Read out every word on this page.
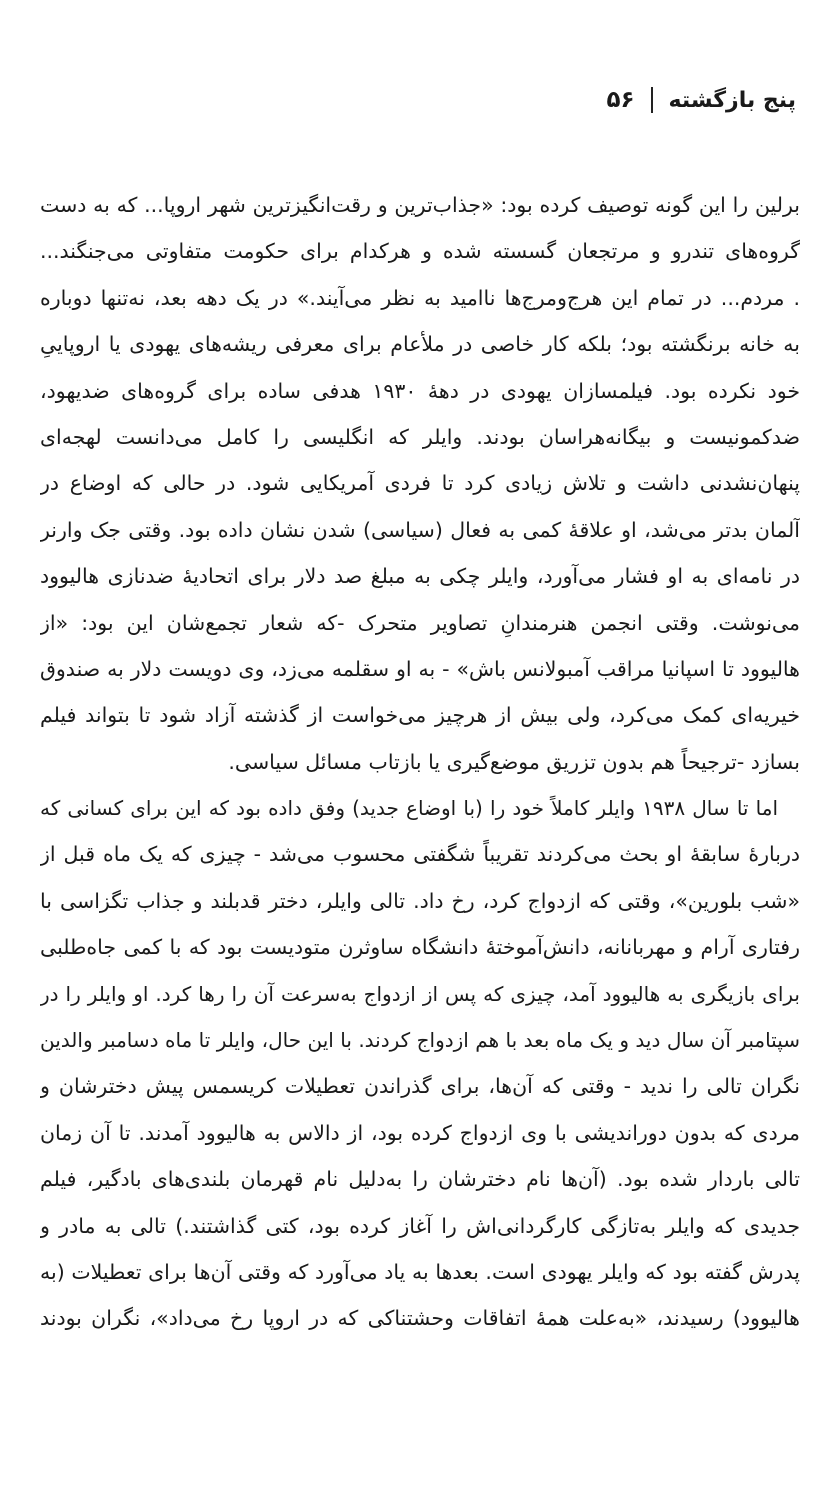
پنج بازگشته
۵۶
برلین را این گونه توصیف کرده بود: «جذاب‌ترین و رقت‌انگیزترین شهر اروپا... که به دست
گروه‌های تندرو و مرتجعان گسسته شده و هرکدام برای حکومت متفاوتی می‌جنگند...
. مردم... در تمام این هرج‌ومرج‌ها ناامید به نظر می‌آیند.» در یک دهه بعد، نه‌تنها دوباره
به خانه برنگشته بود؛ بلکه کار خاصی در ملأعام برای معرفی ریشه‌های یهودی یا اروپاییِ
خود نکرده بود. فیلمسازان یهودی در دههٔ ۱۹۳۰ هدفی ساده برای گروه‌های ضدیهود،
ضدکمونیست و بیگانه‌هراسان بودند. وایلر که انگلیسی را کامل می‌دانست لهجه‌ای
پنهان‌نشدنی داشت و تلاش زیادی کرد تا فردی آمریکایی شود. در حالی که اوضاع در
آلمان بدتر می‌شد، او علاقهٔ کمی به فعال (سیاسی) شدن نشان داده بود. وقتی جک وارنر
در نامه‌ای به او فشار می‌آورد، وایلر چکی به مبلغ صد دلار برای اتحادیهٔ ضدنازی هالیوود
می‌نوشت. وقتی انجمن هنرمندانِ تصاویر متحرک -که شعار تجمع‌شان این بود: «از
هالیوود تا اسپانیا مراقب آمبولانس باش» - به او سقلمه می‌زد، وی دویست دلار به صندوق
خیریه‌ای کمک می‌کرد، ولی بیش از هرچیز می‌خواست از گذشته آزاد شود تا بتواند فیلم
بسازد -ترجیحاً هم بدون تزریق موضع‌گیری یا بازتاب مسائل سیاسی.
اما تا سال ۱۹۳۸ وایلر کاملاً خود را (با اوضاع جدید) وفق داده بود که این برای کسانی که
دربارهٔ سابقهٔ او بحث می‌کردند تقریباً شگفتی محسوب می‌شد - چیزی که یک ماه قبل از
«شب بلورین»، وقتی که ازدواج کرد، رخ داد. تالی وایلر، دختر قدبلند و جذاب تگزاسی با
رفتاری آرام و مهربانانه، دانش‌آموختهٔ دانشگاه ساوثرن متودیست بود که با کمی جاه‌طلبی
برای بازیگری به هالیوود آمد، چیزی که پس از ازدواج به‌سرعت آن را رها کرد. او وایلر را در
سپتامبر آن سال دید و یک ماه بعد با هم ازدواج کردند. با این حال، وایلر تا ماه دسامبر والدین
نگران تالی را ندید - وقتی که آن‌ها، برای گذراندن تعطیلات کریسمس پیش دخترشان و
مردی که بدون دوراندیشی با وی ازدواج کرده بود، از دالاس به هالیوود آمدند. تا آن زمان
تالی باردار شده بود. (آن‌ها نام دخترشان را به‌دلیل نام قهرمان بلندی‌های بادگیر، فیلم
جدیدی که وایلر به‌تازگی کارگردانی‌اش را آغاز کرده بود، کتی گذاشتند.) تالی به مادر و
پدرش گفته بود که وایلر یهودی است. بعدها به یاد می‌آورد که وقتی آن‌ها برای تعطیلات (به
هالیوود) رسیدند، «به‌علت همهٔ اتفاقات وحشتناکی که در اروپا رخ می‌داد»، نگران بودند
